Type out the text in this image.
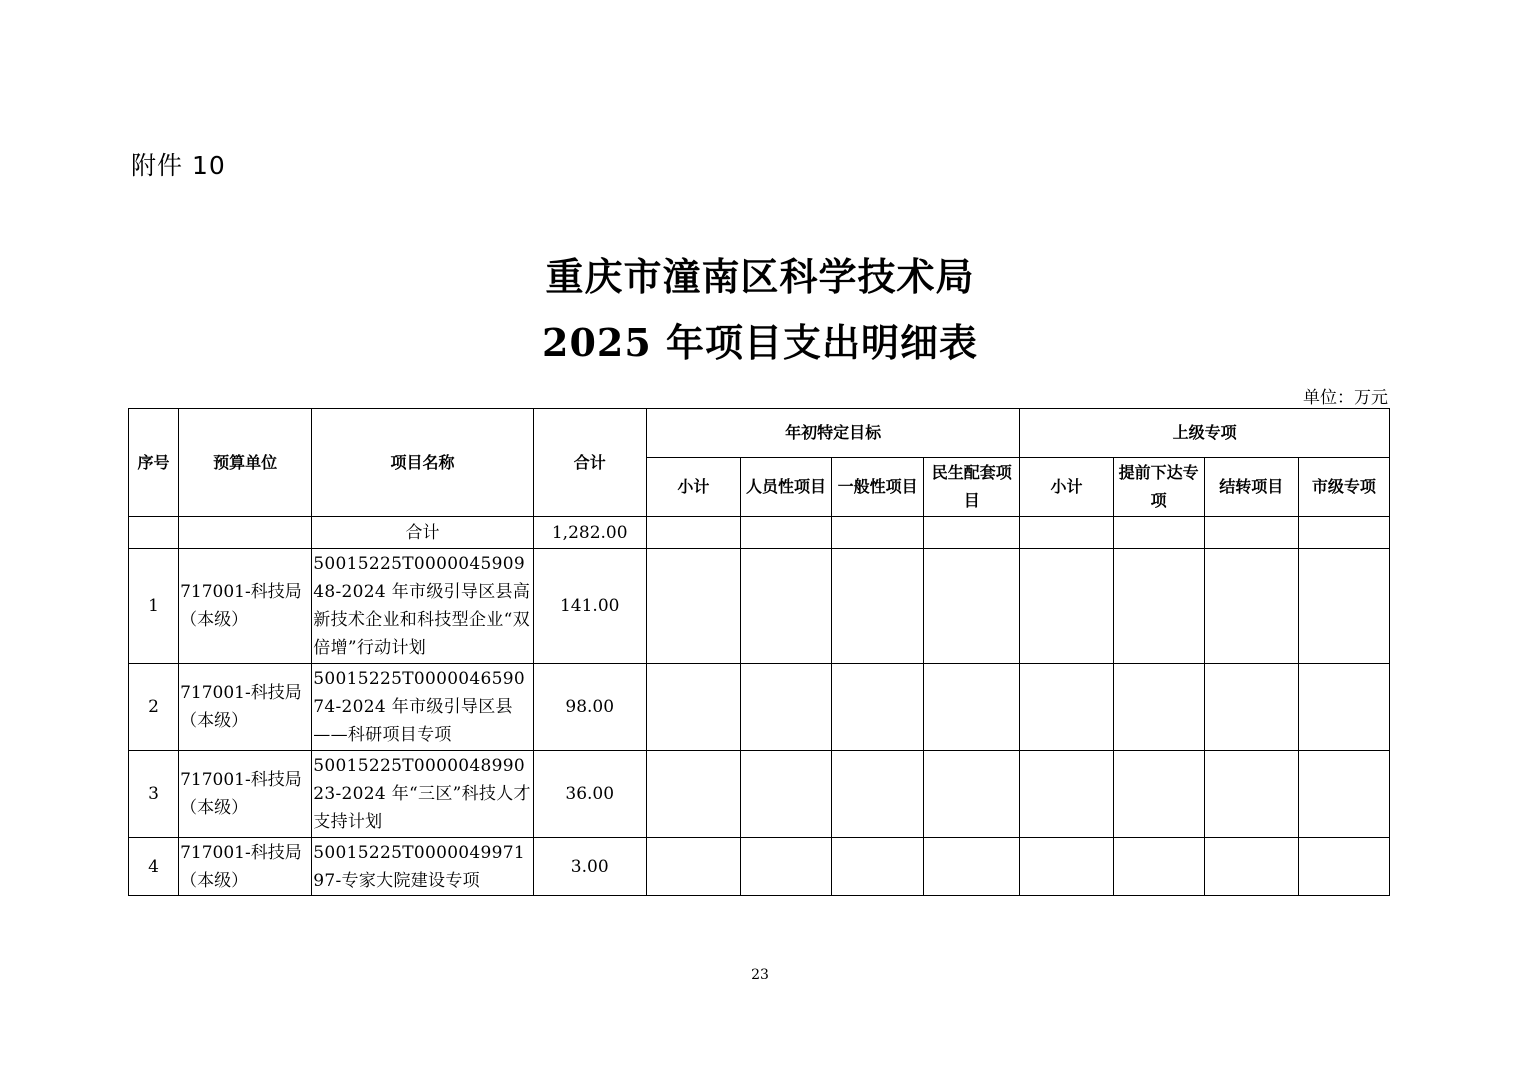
附件 10
重庆市潼南区科学技术局
2025 年项目支出明细表
单位：万元
序号	预算单位	项目名称	合计	年初特定目标				上级专项			
				小计	人员性项目	一般性项目	民生配套项目	小计	提前下达专项	结转项目	市级专项
		合计	1,282.00								
1	717001-科技局（本级）	50015225T000004590948-2024 年市级引导区县高新技术企业和科技型企业“双倍增”行动计划	141.00								
2	717001-科技局（本级）	50015225T000004659074-2024 年市级引导区县——科研项目专项	98.00								
3	717001-科技局（本级）	50015225T000004899023-2024 年“三区”科技人才支持计划	36.00								
4	717001-科技局（本级）	50015225T000004997197-专家大院建设专项	3.00								
23
